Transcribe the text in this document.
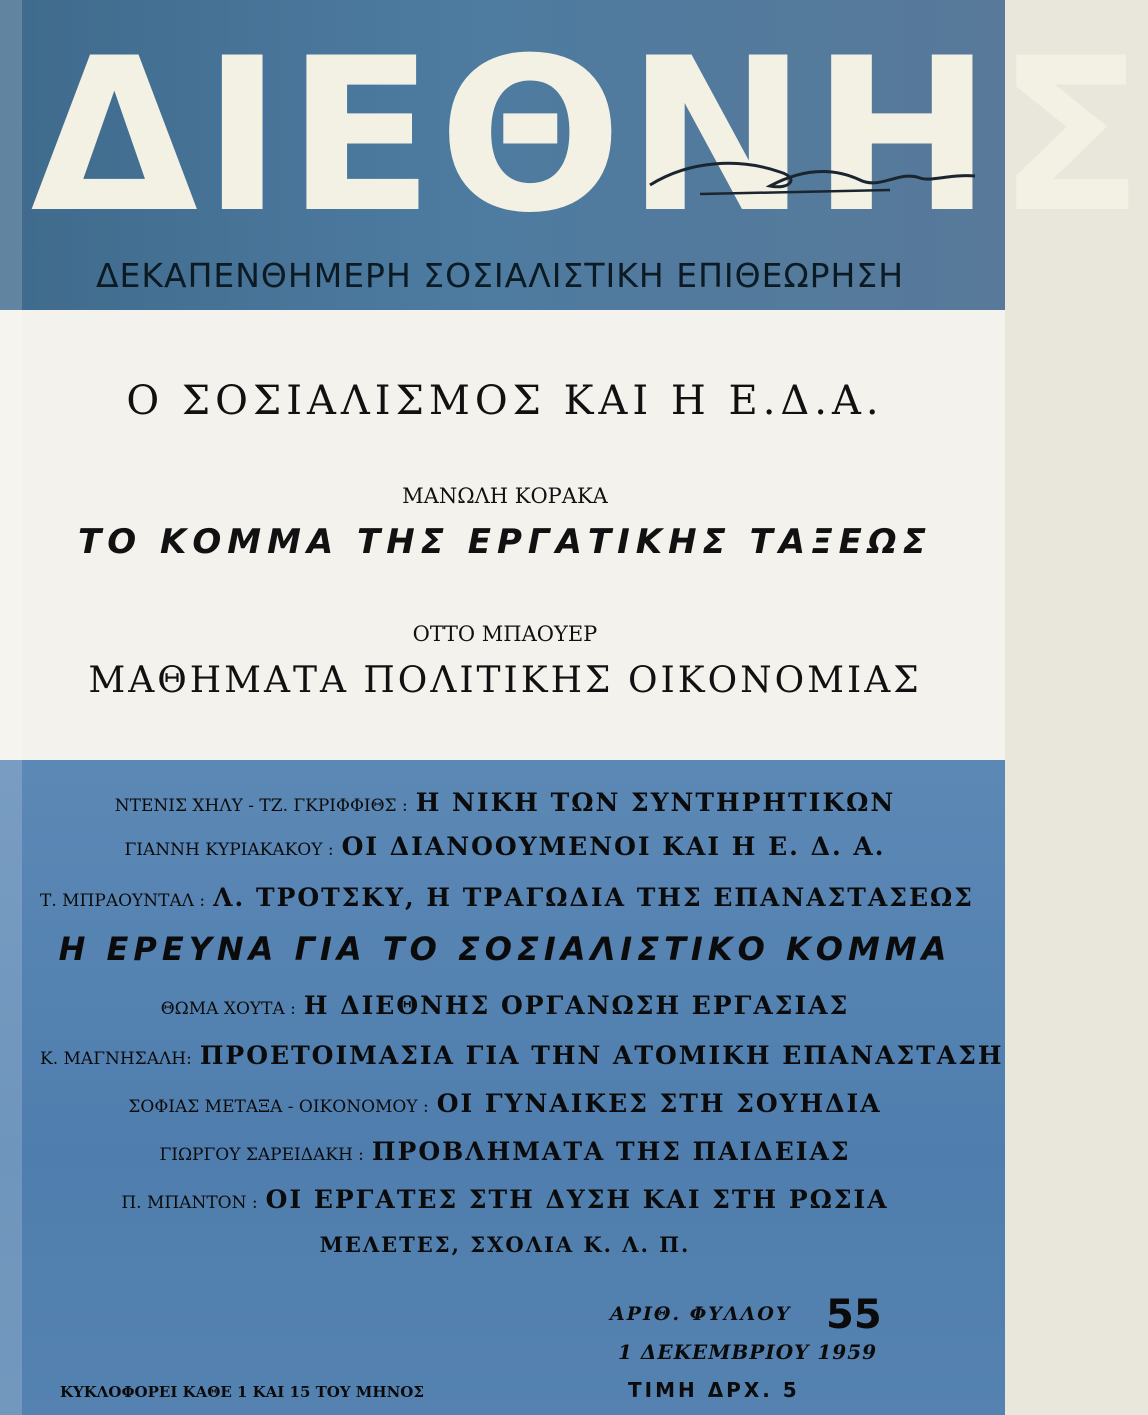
ΔΙΕΘΝΗΣ
ΔΕΚΑΠΕΝΘΗΜΕΡΗ ΣΟΣΙΑΛΙΣΤΙΚΗ ΕΠΙΘΕΩΡΗΣΗ
Ο ΣΟΣΙΑΛΙΣΜΟΣ ΚΑΙ Η Ε.Δ.Α.
ΜΑΝΩΛΗ ΚΟΡΑΚΑ
ΤΟ ΚΟΜΜΑ ΤΗΣ ΕΡΓΑΤΙΚΗΣ ΤΑΞΕΩΣ
ΟΤΤΟ ΜΠΑΟΥΕΡ
ΜΑΘΗΜΑΤΑ ΠΟΛΙΤΙΚΗΣ ΟΙΚΟΝΟΜΙΑΣ
ΝΤΕΝΙΣ ΧΗΛΥ - ΤΖ. ΓΚΡΙΦΦΙΘΣ : Η ΝΙΚΗ ΤΩΝ ΣΥΝΤΗΡΗΤΙΚΩΝ
ΓΙΑΝΝΗ ΚΥΡΙΑΚΑΚΟΥ : ΟΙ ΔΙΑΝΟΟΥΜΕΝΟΙ ΚΑΙ Η Ε. Δ. Α.
Τ. ΜΠΡΑΟΥΝΤΑΛ : Λ. ΤΡΟΤΣΚΥ, Η ΤΡΑΓΩΔΙΑ ΤΗΣ ΕΠΑΝΑΣΤΑΣΕΩΣ
Η ΕΡΕΥΝΑ ΓΙΑ ΤΟ ΣΟΣΙΑΛΙΣΤΙΚΟ ΚΟΜΜΑ
ΘΩΜΑ ΧΟΥΤΑ : Η ΔΙΕΘΝΗΣ ΟΡΓΑΝΩΣΗ ΕΡΓΑΣΙΑΣ
Κ. ΜΑΓΝΗΣΑΛΗ: ΠΡΟΕΤΟΙΜΑΣΙΑ ΓΙΑ ΤΗΝ ΑΤΟΜΙΚΗ ΕΠΑΝΑΣΤΑΣΗ
ΣΟΦΙΑΣ ΜΕΤΑΞΑ - ΟΙΚΟΝΟΜΟΥ : ΟΙ ΓΥΝΑΙΚΕΣ ΣΤΗ ΣΟΥΗΔΙΑ
ΓΙΩΡΓΟΥ ΣΑΡΕΙΔΑΚΗ : ΠΡΟΒΛΗΜΑΤΑ ΤΗΣ ΠΑΙΔΕΙΑΣ
Π. ΜΠΑΝΤΟΝ : ΟΙ ΕΡΓΑΤΕΣ ΣΤΗ ΔΥΣΗ ΚΑΙ ΣΤΗ ΡΩΣΙΑ
ΜΕΛΕΤΕΣ, ΣΧΟΛΙΑ Κ. Λ. Π.
ΑΡΙΘ. ΦΥΛΛΟΥ 55
1 ΔΕΚΕΜΒΡΙΟΥ 1959
ΚΥΚΛΟΦΟΡΕΙ ΚΑΘΕ 1 ΚΑΙ 15 ΤΟΥ ΜΗΝΟΣ	ΤΙΜΗ ΔΡΧ. 5
